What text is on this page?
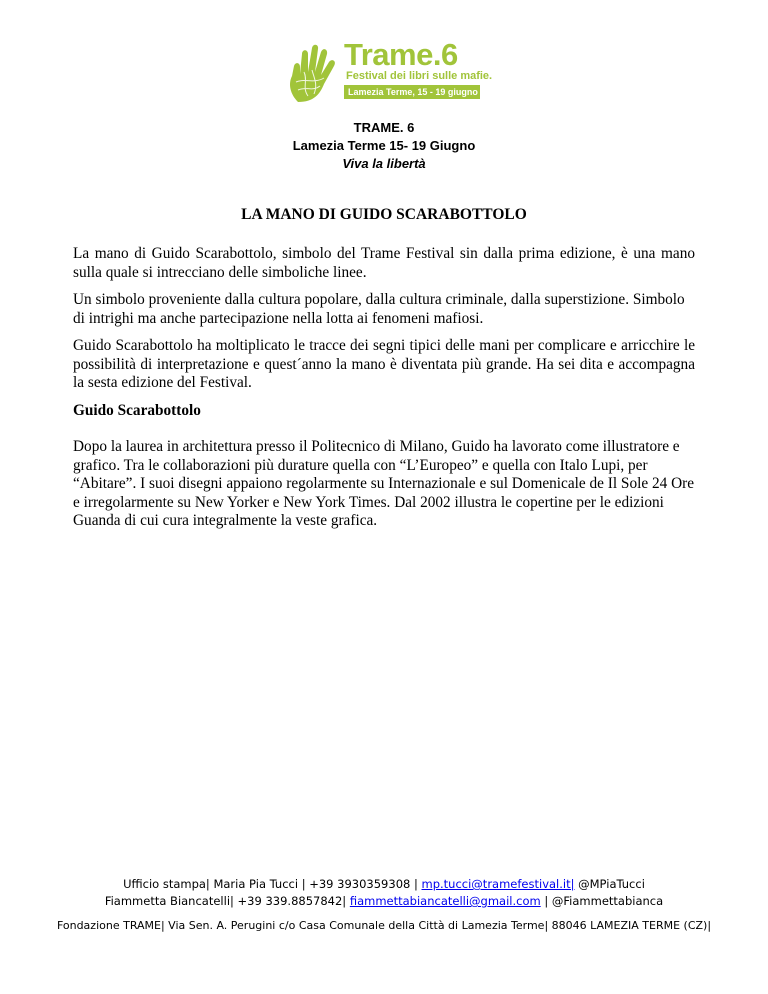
Trame.6
Festival dei libri sulle mafie.
Lamezia Terme, 15 - 19 giugno 2016.
TRAME. 6
Lamezia Terme 15- 19 Giugno
Viva la libertà
LA MANO DI GUIDO SCARABOTTOLO

La mano di Guido Scarabottolo, simbolo del Trame Festival sin dalla prima edizione, è una mano sulla quale si intrecciano delle simboliche linee.

Un simbolo proveniente dalla cultura popolare, dalla cultura criminale, dalla superstizione. Simbolo di intrighi ma anche partecipazione nella lotta ai fenomeni mafiosi.

Guido Scarabottolo ha moltiplicato le tracce dei segni tipici delle mani per complicare e arricchire le possibilità di interpretazione e quest´anno la mano è diventata più grande. Ha sei dita e accompagna la sesta edizione del Festival.

Guido Scarabottolo

Dopo la laurea in architettura presso il Politecnico di Milano, Guido ha lavorato come illustratore e grafico. Tra le collaborazioni più durature quella con “L’Europeo” e quella con Italo Lupi, per “Abitare”. I suoi disegni appaiono regolarmente su Internazionale e sul Domenicale de Il Sole 24 Ore e irregolarmente su New Yorker e New York Times. Dal 2002 illustra le copertine per le edizioni Guanda di cui cura integralmente la veste grafica.

Ufficio stampa| Maria Pia Tucci | +39 3930359308 | mp.tucci@tramefestival.it| @MPiaTucci
Fiammetta Biancatelli| +39 339.8857842| fiammettabiancatelli@gmail.com | @Fiammettabianca
Fondazione TRAME| Via Sen. A. Perugini c/o Casa Comunale della Città di Lamezia Terme| 88046 LAMEZIA TERME (CZ)|
